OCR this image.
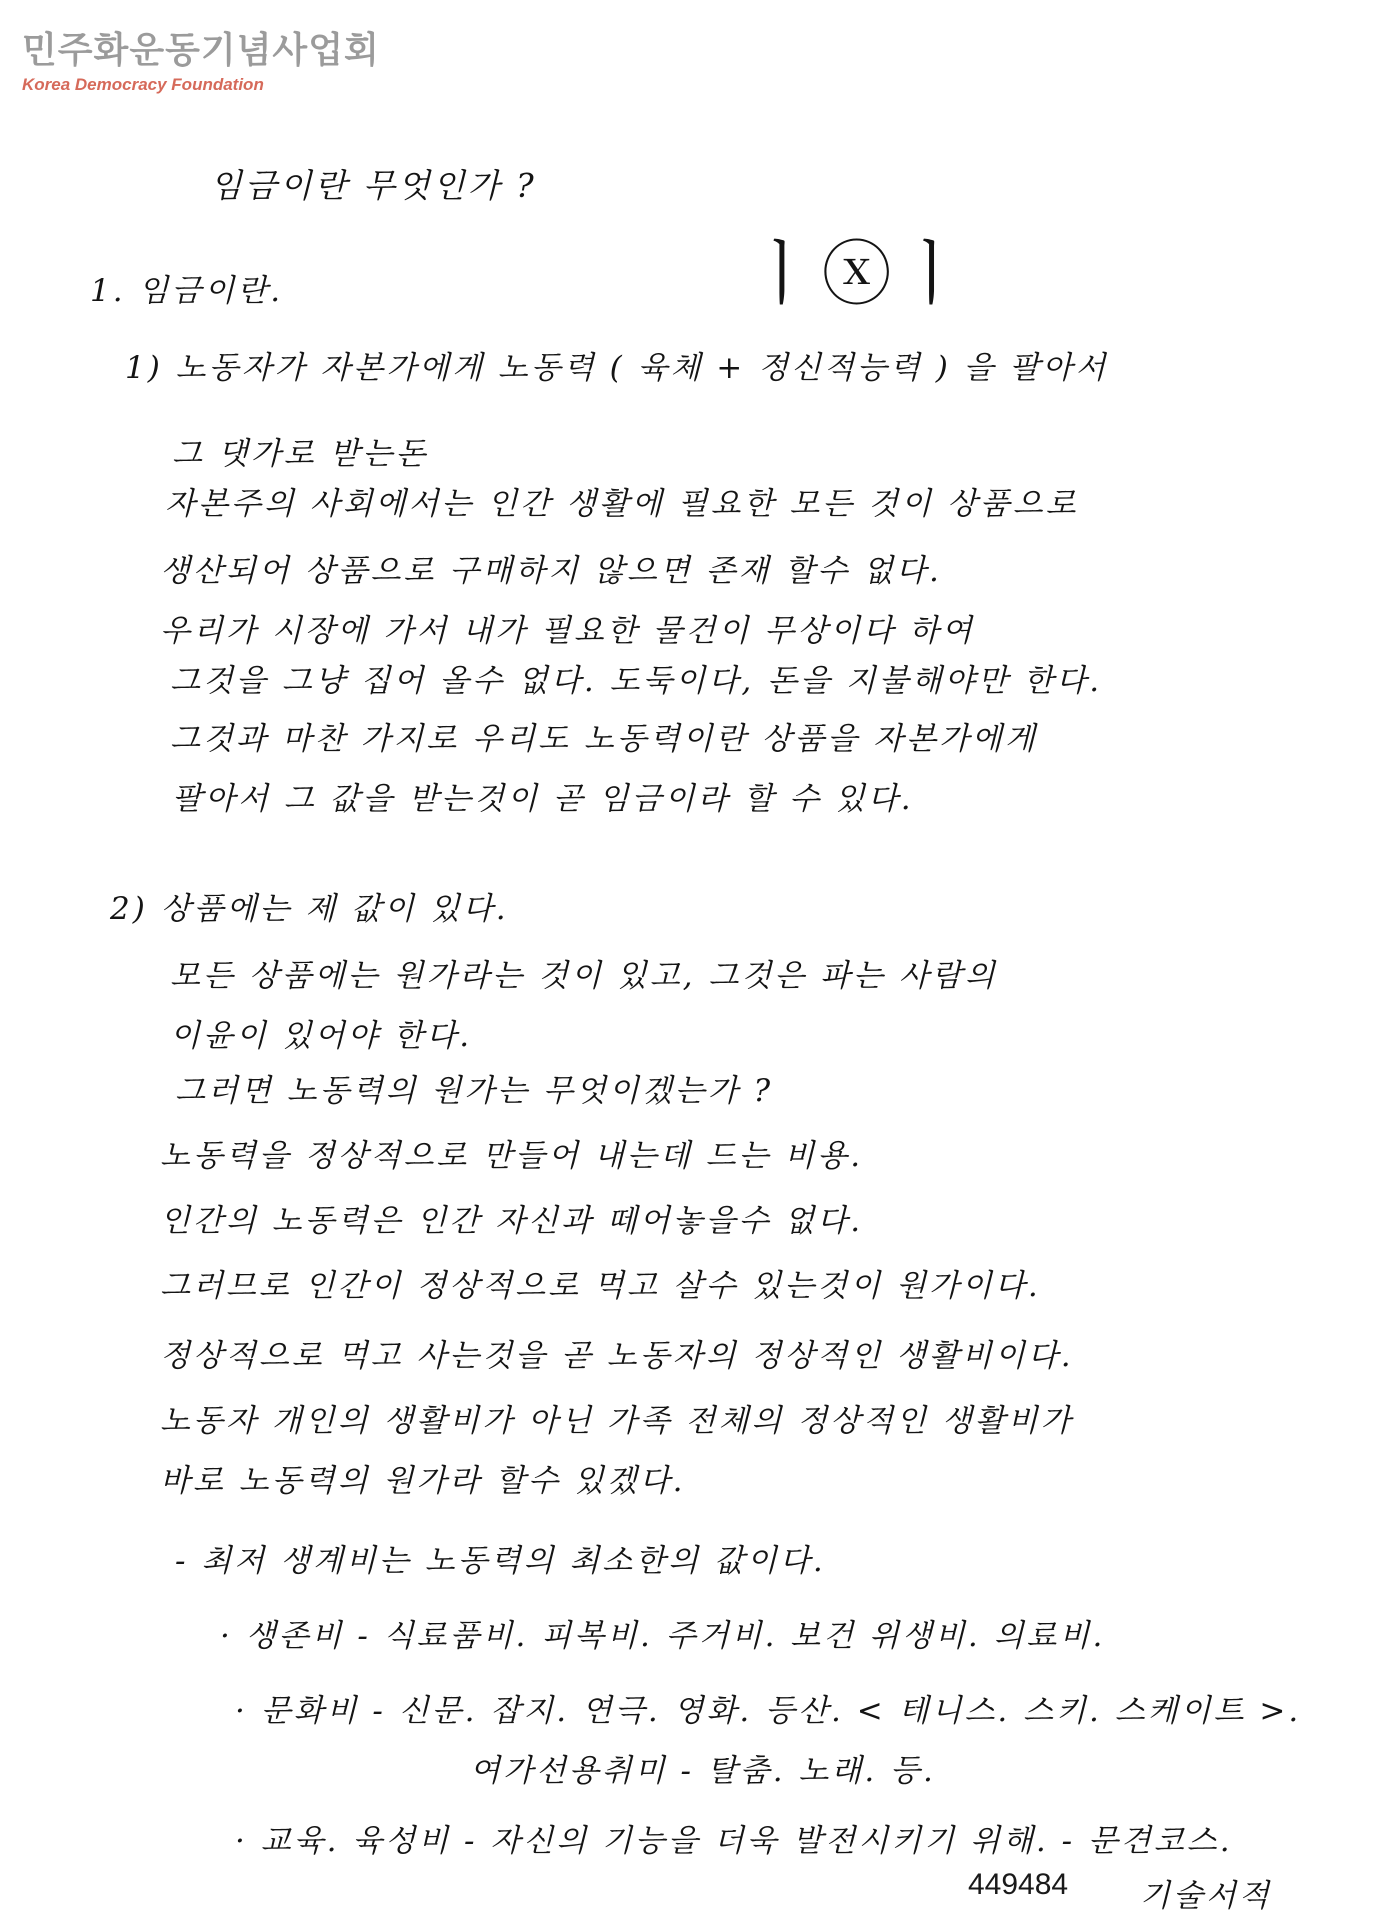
민주화운동기념사업회
Korea Democracy Foundation
임금이란 무엇인가 ?
ㅣⓧㅣ
1. 임금이란.
1) 노동자가 자본가에게 노동력 ( 육체 + 정신적능력 ) 을 팔아서
그 댓가로 받는돈
자본주의 사회에서는 인간 생활에 필요한 모든 것이 상품으로
생산되어 상품으로 구매하지 않으면 존재 할수 없다.
우리가 시장에 가서 내가 필요한 물건이 무상이다 하여
그것을 그냥 집어 올수 없다. 도둑이다, 돈을 지불해야만 한다.
그것과 마찬 가지로 우리도 노동력이란 상품을 자본가에게
팔아서 그 값을 받는것이 곧 임금이라 할 수 있다.
2) 상품에는 제 값이 있다.
모든 상품에는 원가라는 것이 있고, 그것은 파는 사람의
이윤이 있어야 한다.
그러면 노동력의 원가는 무엇이겠는가 ?
노동력을 정상적으로 만들어 내는데 드는 비용.
인간의 노동력은 인간 자신과 떼어놓을수 없다.
그러므로 인간이 정상적으로 먹고 살수 있는것이 원가이다.
정상적으로 먹고 사는것을 곧 노동자의 정상적인 생활비이다.
노동자 개인의 생활비가 아닌 가족 전체의 정상적인 생활비가
바로 노동력의 원가라 할수 있겠다.
- 최저 생계비는 노동력의 최소한의 값이다.
· 생존비 - 식료품비. 피복비. 주거비. 보건 위생비. 의료비.
· 문화비 - 신문. 잡지. 연극. 영화. 등산. < 테니스. 스키. 스케이트 >.
여가선용취미 - 탈춤. 노래. 등.
· 교육. 육성비 - 자신의 기능을 더욱 발전시키기 위해. - 문견코스.
기술서적
449484
